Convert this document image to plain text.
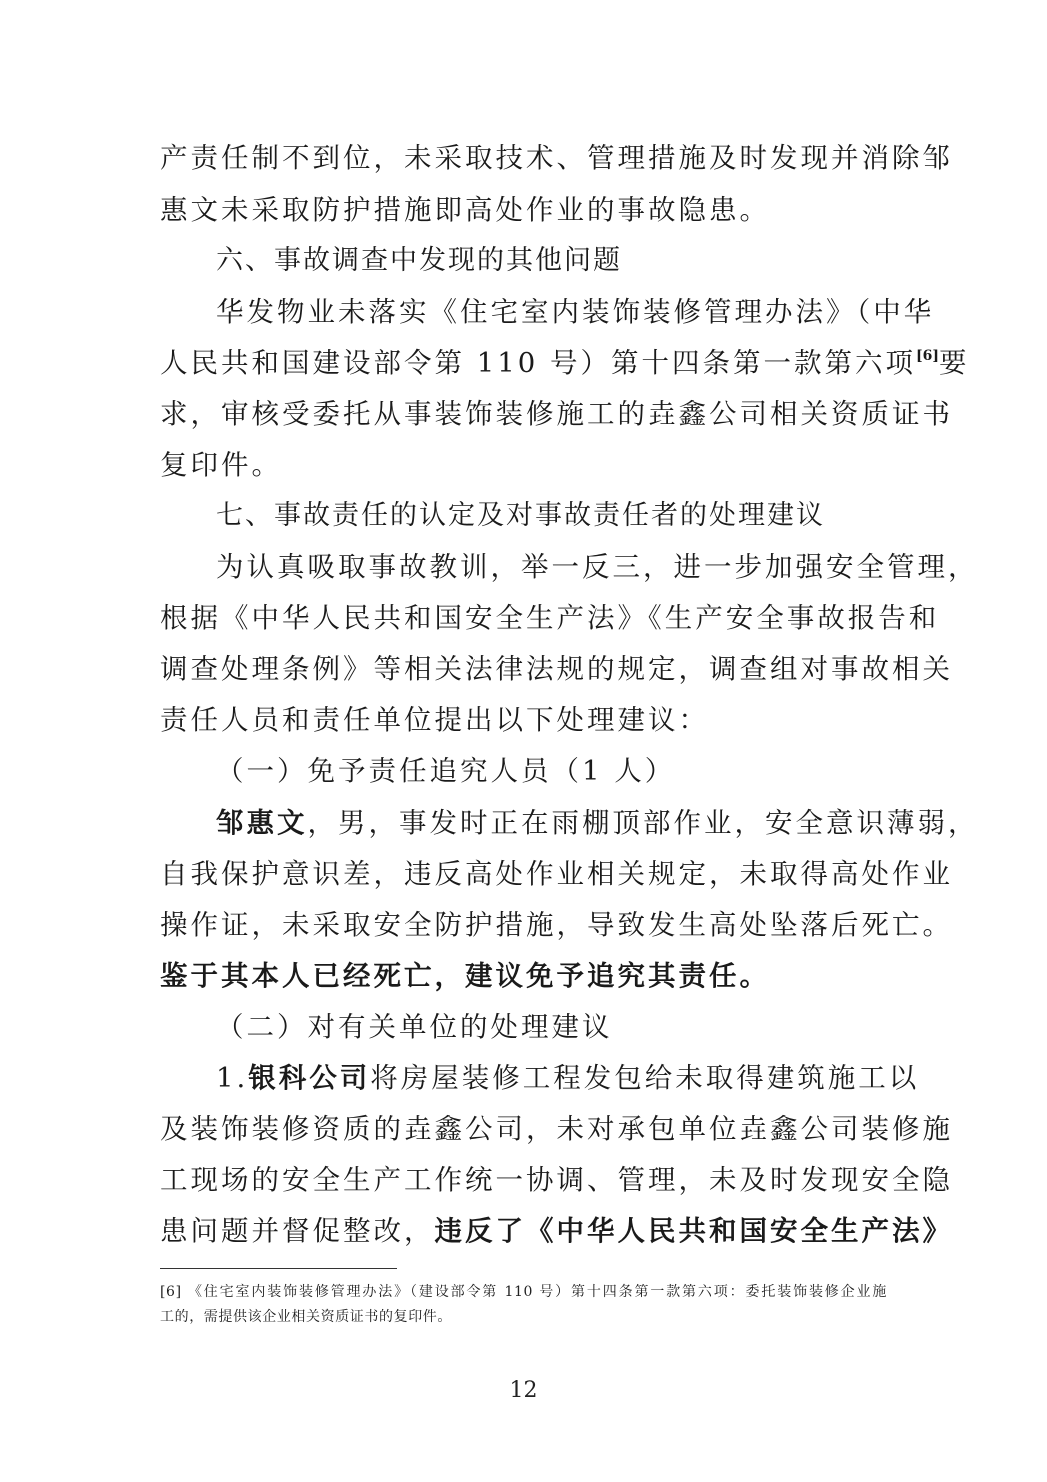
产责任制不到位，未采取技术、管理措施及时发现并消除邹
惠文未采取防护措施即高处作业的事故隐患。
六、事故调查中发现的其他问题
华发物业未落实《住宅室内装饰装修管理办法》（中华
人民共和国建设部令第 110 号）第十四条第一款第六项[6]要
求，审核受委托从事装饰装修施工的垚鑫公司相关资质证书
复印件。
七、事故责任的认定及对事故责任者的处理建议
为认真吸取事故教训，举一反三，进一步加强安全管理，
根据《中华人民共和国安全生产法》《生产安全事故报告和
调查处理条例》等相关法律法规的规定，调查组对事故相关
责任人员和责任单位提出以下处理建议：
（一）免予责任追究人员（1 人）
邹惠文，男，事发时正在雨棚顶部作业，安全意识薄弱，
自我保护意识差，违反高处作业相关规定，未取得高处作业
操作证，未采取安全防护措施，导致发生高处坠落后死亡。
鉴于其本人已经死亡，建议免予追究其责任。
（二）对有关单位的处理建议
1.银科公司将房屋装修工程发包给未取得建筑施工以
及装饰装修资质的垚鑫公司，未对承包单位垚鑫公司装修施
工现场的安全生产工作统一协调、管理，未及时发现安全隐
患问题并督促整改，违反了《中华人民共和国安全生产法》
[6] 《住宅室内装饰装修管理办法》（建设部令第 110 号）第十四条第一款第六项：委托装饰装修企业施
工的，需提供该企业相关资质证书的复印件。
12
